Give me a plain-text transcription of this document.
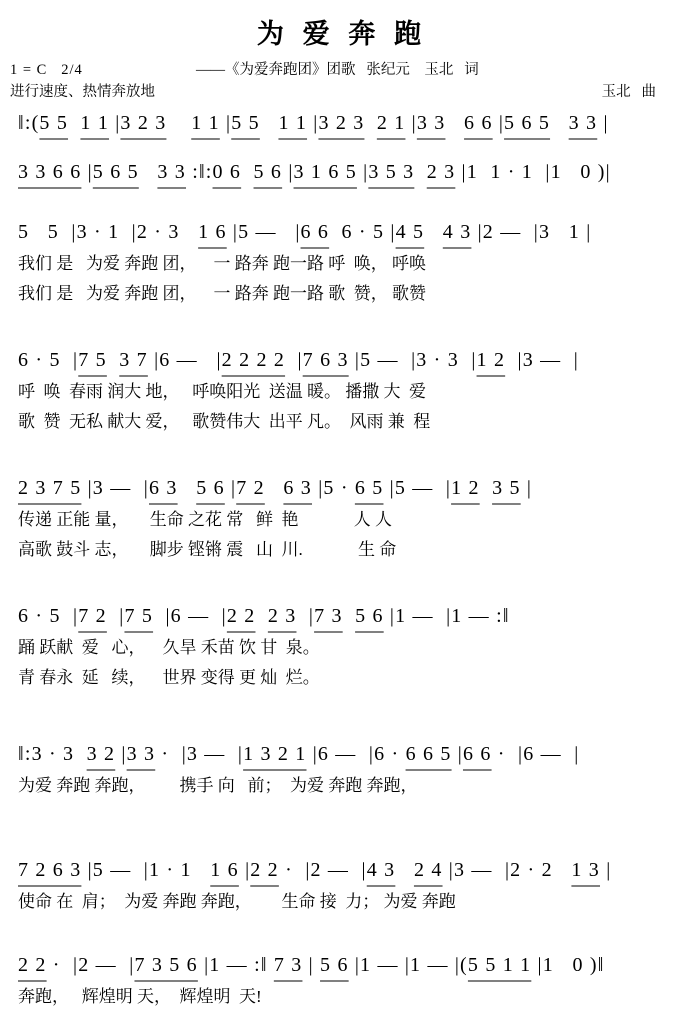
为 爱 奔 跑
1 = C   2/4
进行速度、热情奔放地
——《为爱奔跑团》团歌   张纪元    玉北   词
玉北   曲
‖:(5 5  1 1 |3 2 3    1 1 |5 5   1 1 |3 2 3  2 1 |3 3   6 6 |5 6 5   3 3 |
3 3 6 6 |5 6 5   3 3 :‖:0 6  5 6 |3 1 6 5 |3 5 3  2 3 |1  1 · 1  |1   0 )|
5   5  |3 · 1  |2 · 3   1 6 |5 —   |6 6  6 · 5 |4 5   4 3 |2 —  |3   1 |
我们 是   为爱 奔跑 团，    一 路奔 跑一路 呼  唤， 呼唤
我们 是   为爱 奔跑 团，    一 路奔 跑一路 歌  赞， 歌赞
6 · 5  |7 5  3 7 |6 —   |2 2 2 2  |7 6 3 |5 —  |3 · 3  |1 2  |3 —  |
呼  唤  春雨 润大 地，   呼唤阳光  送温 暖。 播撒 大  爱
歌  赞  无私 献大 爱，   歌赞伟大  出平 凡。  风雨 兼  程
2 3 7 5 |3 —  |6 3   5 6 |7 2   6 3 |5 · 6 5 |5 —  |1 2  3 5 |
传递 正能 量，     生命 之花 常   鲜  艳             人 人
高歌 鼓斗 志，     脚步 铿锵 震   山  川.             生 命
6 · 5  |7 2  |7 5  |6 —  |2 2  2 3  |7 3  5 6 |1 —  |1 — :‖
踊 跃献  爱   心，    久旱 禾苗 饮 甘  泉。
青 春永  延   续，    世界 变得 更 灿  烂。
‖:3 · 3  3 2 |3 3 ·  |3 —  |1 3 2 1 |6 —  |6 · 6 6 5 |6 6 ·  |6 —  |
为爱 奔跑 奔跑，        携手 向   前；  为爱 奔跑 奔跑，
7 2 6 3 |5 —  |1 · 1   1 6 |2 2 ·  |2 —  |4 3   2 4 |3 —  |2 · 2   1 3 |
使命 在  肩；  为爱 奔跑 奔跑，       生命 接  力； 为爱 奔跑
2 2 ·  |2 —  |7 3 5 6 |1 — :‖ 7 3 | 5 6 |1 — |1 — |(5 5 1 1 |1   0 )‖
奔跑，   辉煌明 天，  辉煌明  天!
